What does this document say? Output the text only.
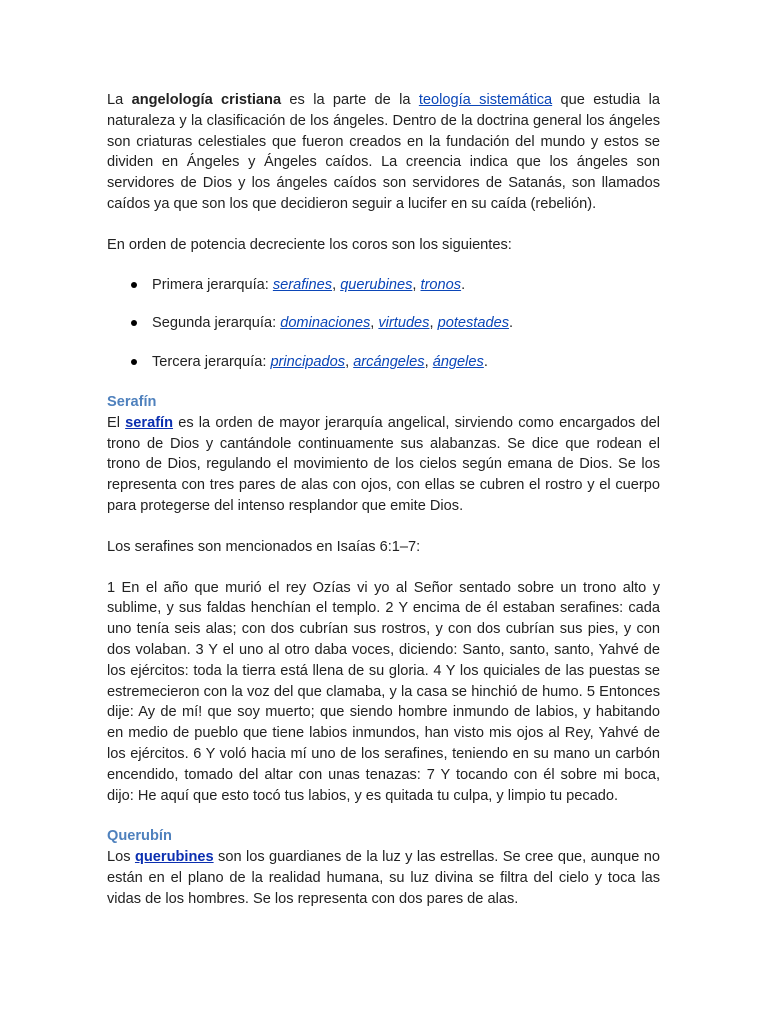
La angelología cristiana es la parte de la teología sistemática que estudia la naturaleza y la clasificación de los ángeles. Dentro de la doctrina general los ángeles son criaturas celestiales que fueron creados en la fundación del mundo y estos se dividen en Ángeles y Ángeles caídos. La creencia indica que los ángeles son servidores de Dios y los ángeles caídos son servidores de Satanás, son llamados caídos ya que son los que decidieron seguir a lucifer en su caída (rebelión).

En orden de potencia decreciente los coros son los siguientes:

Primera jerarquía: serafines, querubines, tronos.
Segunda jerarquía: dominaciones, virtudes, potestades.
Tercera jerarquía: principados, arcángeles, ángeles.
Serafín

El serafín es la orden de mayor jerarquía angelical, sirviendo como encargados del trono de Dios y cantándole continuamente sus alabanzas. Se dice que rodean el trono de Dios, regulando el movimiento de los cielos según emana de Dios. Se los representa con tres pares de alas con ojos, con ellas se cubren el rostro y el cuerpo para protegerse del intenso resplandor que emite Dios.

Los serafines son mencionados en Isaías 6:1–7:

1 En el año que murió el rey Ozías vi yo al Señor sentado sobre un trono alto y sublime, y sus faldas henchían el templo. 2 Y encima de él estaban serafines: cada uno tenía seis alas; con dos cubrían sus rostros, y con dos cubrían sus pies, y con dos volaban. 3 Y el uno al otro daba voces, diciendo: Santo, santo, santo, Yahvé de los ejércitos: toda la tierra está llena de su gloria. 4 Y los quiciales de las puestas se estremecieron con la voz del que clamaba, y la casa se hinchió de humo. 5 Entonces dije: Ay de mí! que soy muerto; que siendo hombre inmundo de labios, y habitando en medio de pueblo que tiene labios inmundos, han visto mis ojos al Rey, Yahvé de los ejércitos. 6 Y voló hacia mí uno de los serafines, teniendo en su mano un carbón encendido, tomado del altar con unas tenazas: 7 Y tocando con él sobre mi boca, dijo: He aquí que esto tocó tus labios, y es quitada tu culpa, y limpio tu pecado.

Querubín

Los querubines son los guardianes de la luz y las estrellas. Se cree que, aunque no están en el plano de la realidad humana, su luz divina se filtra del cielo y toca las vidas de los hombres. Se los representa con dos pares de alas.
